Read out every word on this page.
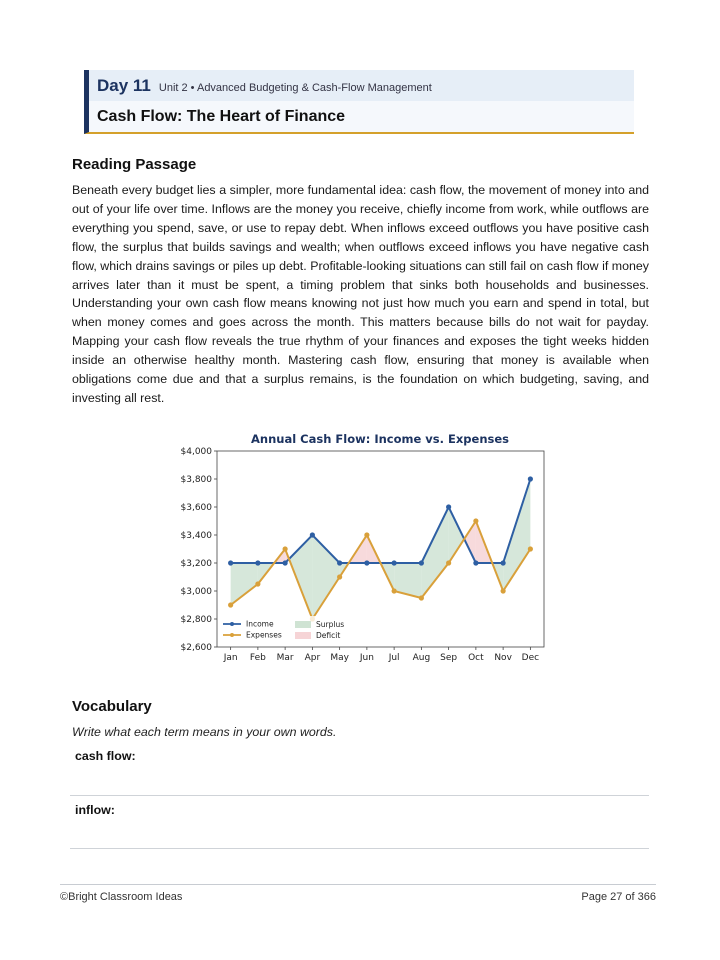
Day 11 Unit 2 • Advanced Budgeting & Cash-Flow Management
Cash Flow: The Heart of Finance
Reading Passage

Beneath every budget lies a simpler, more fundamental idea: cash flow, the movement of money into and out of your life over time. Inflows are the money you receive, chiefly income from work, while outflows are everything you spend, save, or use to repay debt. When inflows exceed outflows you have positive cash flow, the surplus that builds savings and wealth; when outflows exceed inflows you have negative cash flow, which drains savings or piles up debt. Profitable-looking situations can still fail on cash flow if money arrives later than it must be spent, a timing problem that sinks both households and businesses. Understanding your own cash flow means knowing not just how much you earn and spend in total, but when money comes and goes across the month. This matters because bills do not wait for payday. Mapping your cash flow reveals the true rhythm of your finances and exposes the tight weeks hidden inside an otherwise healthy month. Mastering cash flow, ensuring that money is available when obligations come due and that a surplus remains, is the foundation on which budgeting, saving, and investing all rest.

Annual Cash Flow: Income vs. Expenses
$2,600
$2,800
$3,000
$3,200
$3,400
$3,600
$3,800
$4,000
Jan Feb Mar Apr May Jun Jul Aug Sep Oct Nov Dec
Income
Expenses
Surplus
Deficit
Vocabulary
Write what each term means in your own words.
cash flow:
inflow:
©Bright Classroom Ideas	Page 27 of 366
